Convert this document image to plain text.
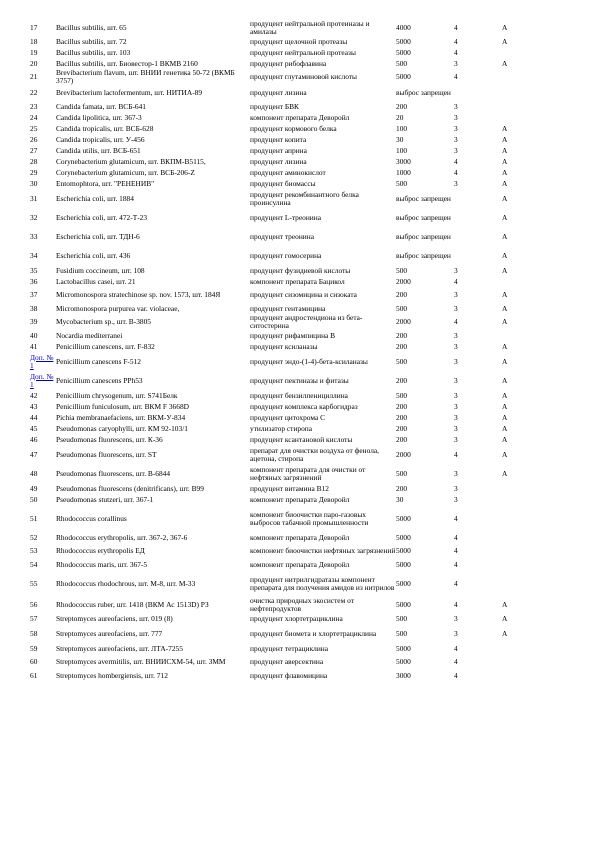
17	Bacillus subtilis, шт. 65	продуцент нейтральной протеиназы и амилазы	4000	4	А
18	Bacillus subtilis, шт. 72	продуцент щелочной протеазы	5000	4	А
19	Bacillus subtilis, шт. 103	продуцент нейтральной протеазы	5000	4	
20	Bacillus subtilis, шт. Биовестор-1 ВКМВ 2160	продуцент рибофлавина	500	3	А
21	Brevibacterium flavum, шт. ВНИИ генетика 50-72 (ВКМБ 3757)	продуцент глутаминовой кислоты	5000	4	
22	Brevibacterium lactofermentum, шт. НИТИА-89	продуцент лизина	выброс запрещен		
23	Candida famata, шт. ВСБ-641	продуцент БВК	200	3	
24	Candida lipolitica, шт. 367-3	компонент препарата Деворойл	20	3	
25	Candida tropicalis, шт. ВСБ-628	продуцент кормового белка	100	3	А
26	Candida tropicalis, шт. У-456	продуцент копита	30	3	А
27	Candida utilis, шт. ВСБ-651	продуцент априна	100	3	А
28	Corynebacterium glutamicum, шт. ВКПМ-В5115,	продуцент лизина	3000	4	А
29	Corynebacterium glutamicum, шт. ВСБ-206-Z	продуцент аминокислот	1000	4	А
30	Entomophtora, шт. "РЕНЕНИВ"	продуцент биомассы	500	3	А
31	Escherichia coli, шт. 1884	продуцент рекомбинантного белка проинсулина	выброс запрещен		А
32	Escherichia coli, шт. 472-Т-23	продуцент L-треонина	выброс запрещен		А
33	Escherichia coli, шт. ТДН-6	продуцент треонина	выброс запрещен		А
34	Escherichia coli, шт. 436	продуцент гомосерина	выброс запрещен		А
35	Fusidium coccineum, шт. 108	продуцент фузидиевой кислоты	500	3	А
36	Lactobacillus casei, шт. 21	компонент препарата Бацикол	2000	4	
37	Micromonospora stratechinose sp. nov. 1573, шт. 184Я	продуцент сизомицина и сизоката	200	3	А
38	Micromonospora purpurea var. violaceae,	продуцент гентамицина	500	3	А
39	Mycobacterium sp., шт. В-3805	продуцент андростендиона из бета-ситостерина	2000	4	А
40	Nocardia mediterranei	продуцент рифампицина В	200	3	
41	Penicillium canescens, шт. F-832	продуцент ксиланазы	200	3	А
Доп. № 1	Penicillium canescens F-512	продуцент эндо-(1-4)-бета-ксиланазы	500	3	А
Доп. № 1	Penicillium canescens PPh53	продуцент пектиназы и фитазы	200	3	А
42	Penicillium chrysogenum, шт. S741Белк	продуцент бензилпенициллина	500	3	А
43	Penicillium funiculosum, шт. ВКМ F 3668D	продуцент комплекса карбогидраз	200	3	А
44	Pichia membranaefaciens, шт. ВКМ-У-834	продуцент цитохрома С	200	3	А
45	Pseudomonas caryophylli, шт. КМ 92-103/1	утилизатор стиропа	200	3	А
46	Pseudomonas fluorescens, шт. К-36	продуцент ксантановой кислоты	200	3	А
47	Pseudomonas fluorescens, шт. ST	препарат для очистки воздуха от фенола, ацетона, стиропа	2000	4	А
48	Pseudomonas fluorescens, шт. В-6844	компонент препарата для очистки от нефтяных загрязнений	500	3	А
49	Pseudomonas fluorescens (denitrificans), шт. В99	продуцент витамина В12	200	3	
50	Pseudomonas stutzeri, шт. 367-1	компонент препарата Деворойл	30	3	
51	Rhodococcus corallinus	компонент биоочистки паро-газовых выбросов табачной промышленности	5000	4	
52	Rhodococcus erythropolis, шт. 367-2, 367-6	компонент препарата Деворойл	5000	4	
53	Rhodococcus erythropolis ЕД	компонент биоочистки нефтяных загрязнений	5000	4	
54	Rhodococcus maris, шт. 367-5	компонент препарата Деворойл	5000	4	
55	Rhodococcus rhodochrous, шт. М-8, шт. М-33	продуцент нитрилгидратазы компонент препарата для получения амидов из нитрилов	5000	4	
56	Rhodococcus ruber, шт. 1418 (ВКМ Ас 1513D) РЗ	очистка природных экосистем от нефтепродуктов	5000	4	А
57	Streptomyces aureofaciens, шт. 019 (8)	продуцент хлортетрациклина	500	3	А
58	Streptomyces aureofaciens, шт. 777	продуцент биомета и хлортетрациклина	500	3	А
59	Streptomyces aureofaciens, шт. ЛТА-7255	продуцент тетрациклина	5000	4	
60	Streptomyces avermitilis, шт. ВНИИСХМ-54, шт. ЗММ	продуцент аверсектина	5000	4	
61	Streptomyces hombergiensis, шт. 712	продуцент флавомицина	3000	4	
